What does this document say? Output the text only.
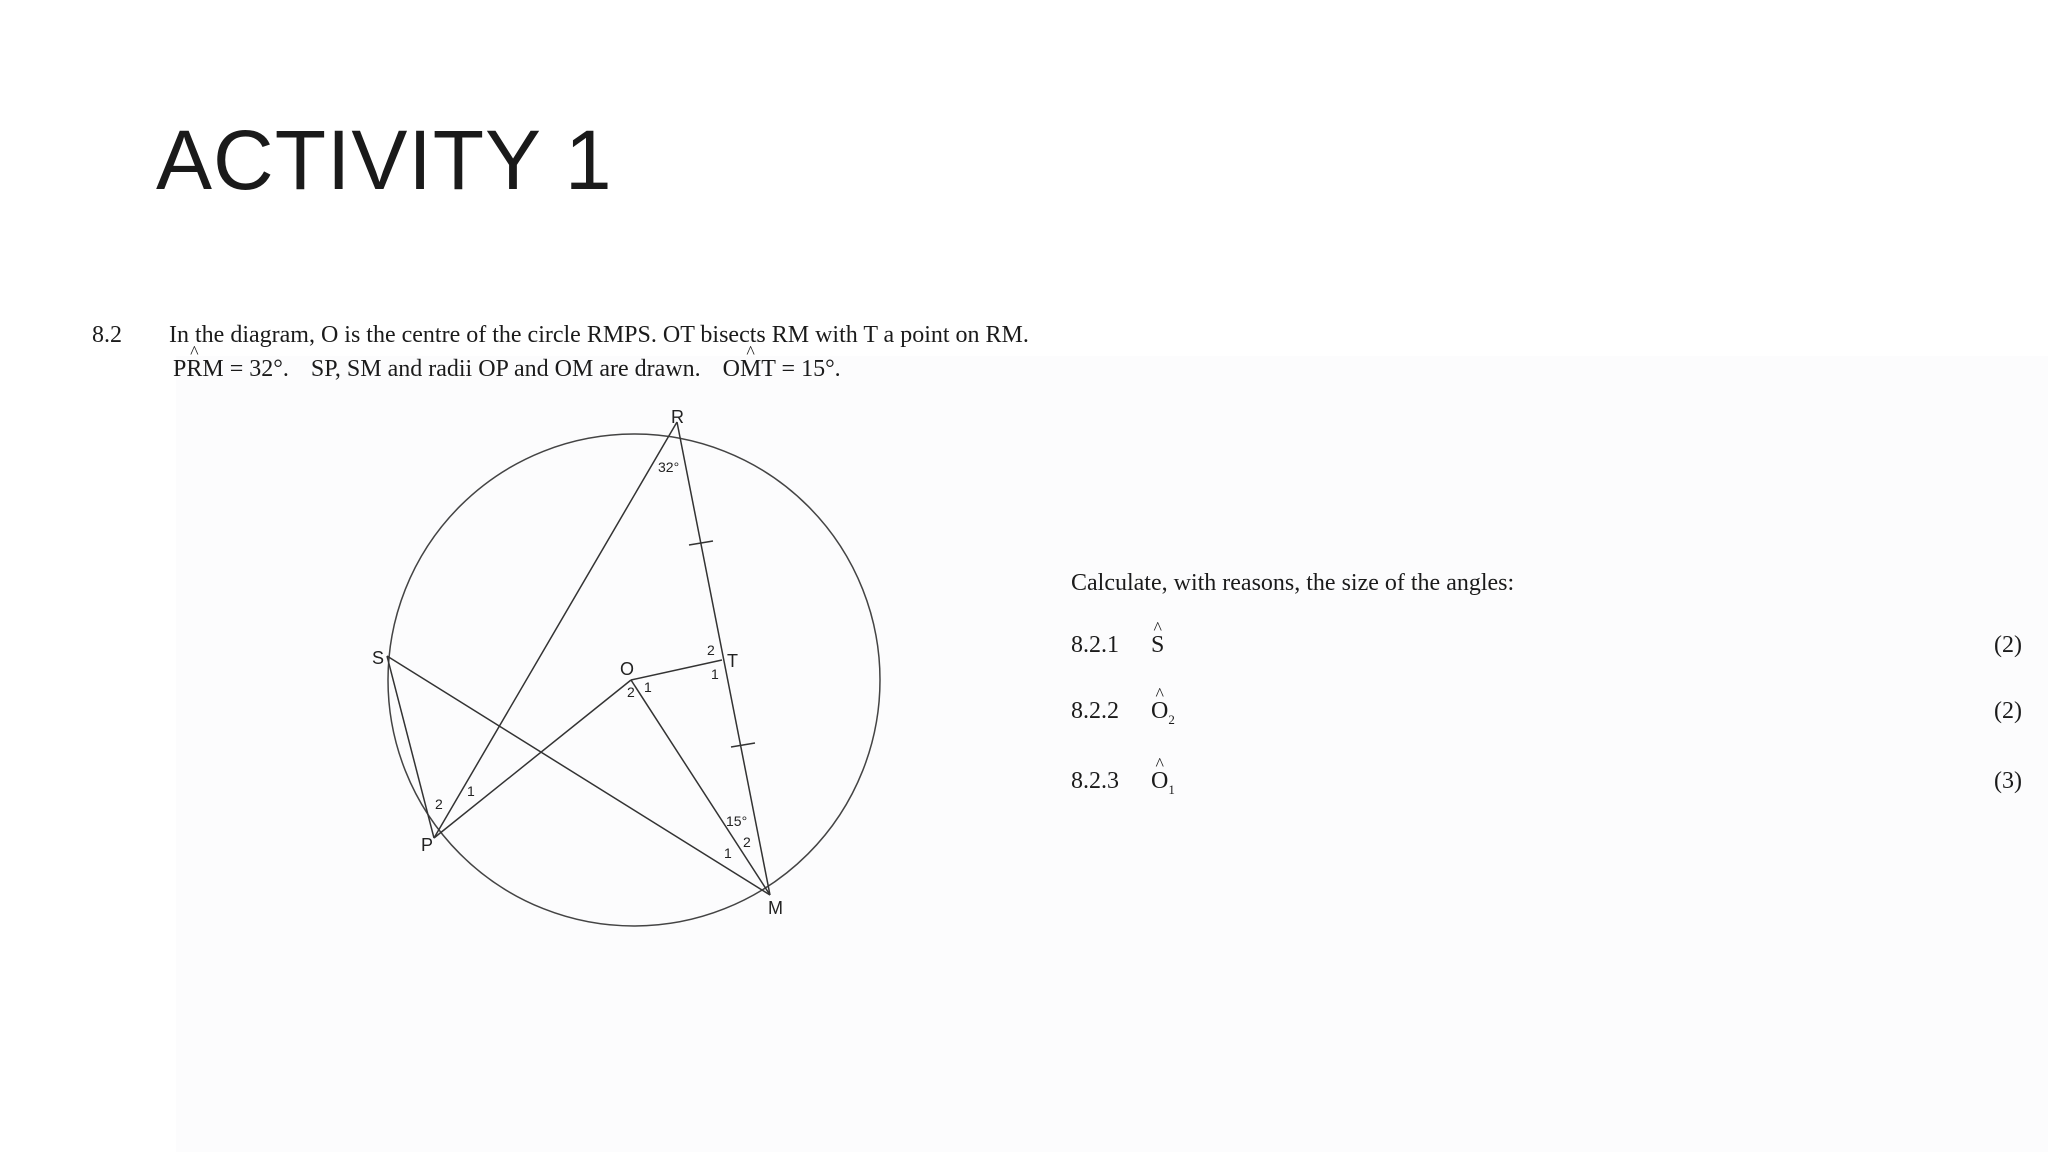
ACTIVITY 1
8.2 In the diagram, O is the centre of the circle RMPS. OT bisects RM with T a point on RM.
P^ RM = 32°. SP, SM and radii OP and OM are drawn. O^ MT = 15°.
R
S
O	T
P
M
32°
15°
2
1
2 1
2
1
2
1
Calculate, with reasons, the size of the angles:
8.2.1 ^ S	(2)
8.2.2 ^ $O_2$	(2)
8.2.3 ^ $O_1$	(3)
